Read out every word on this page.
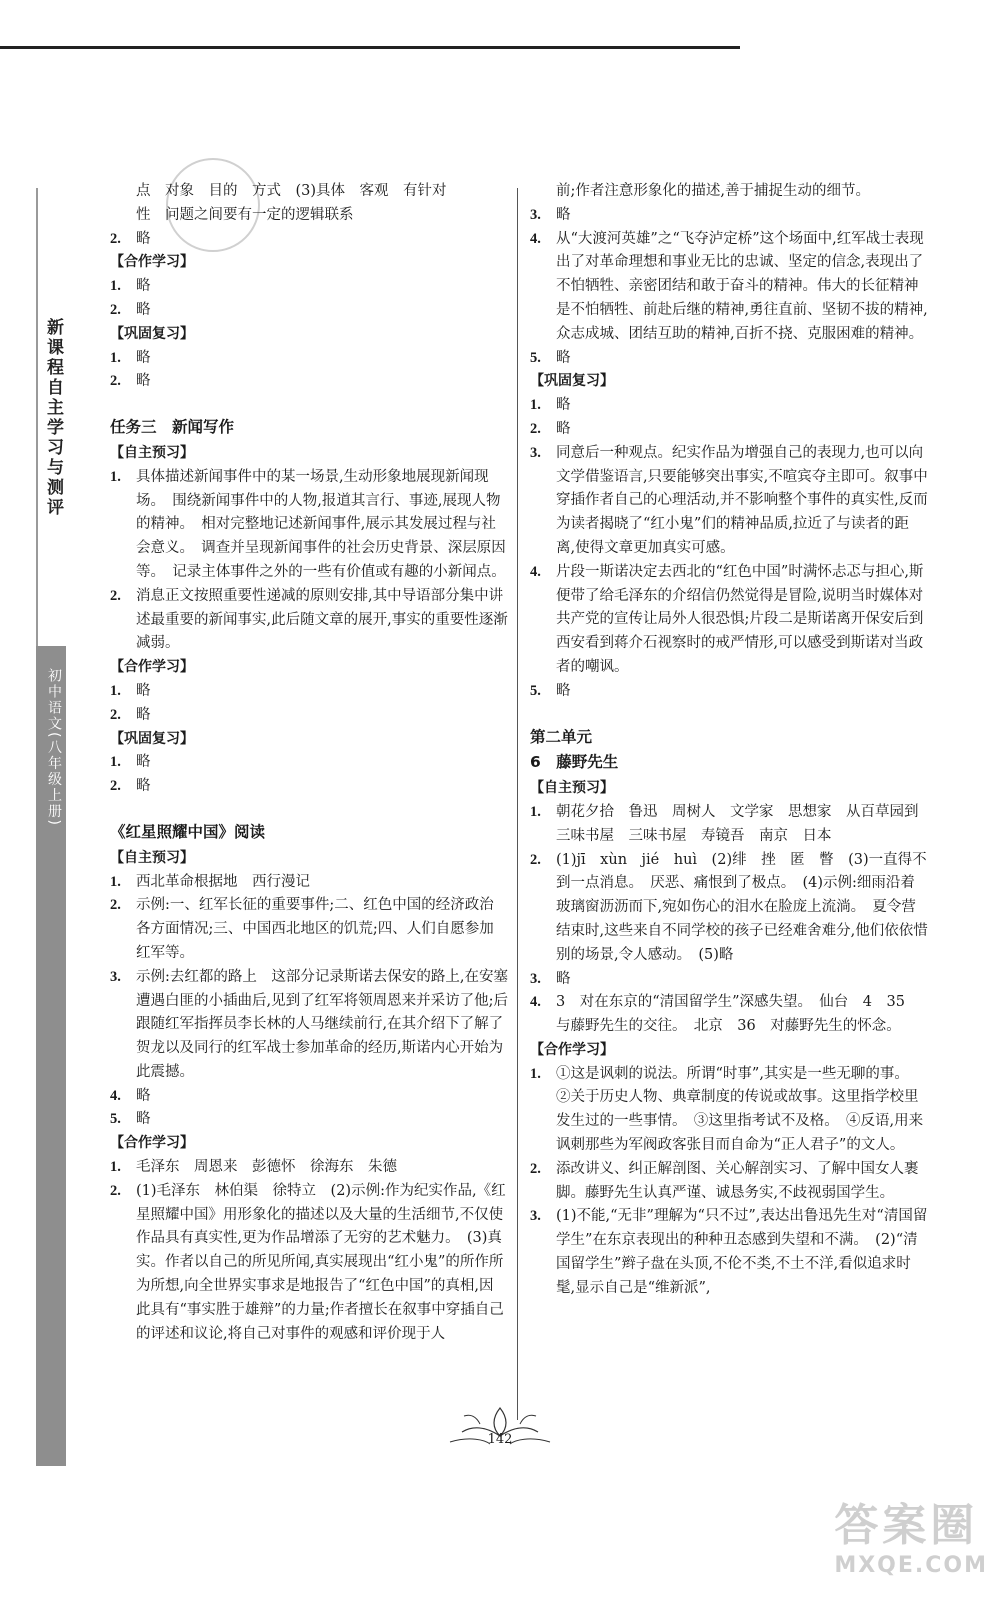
新课程自主学习与测评
初中语文(八年级上册)
点　对象　目的　方式　(3)具体　客观　有针对
性　问题之间要有一定的逻辑联系
2.	略
【合作学习】
1.	略
2.	略
【巩固复习】
1.	略
2.	略
任务三　新闻写作
【自主预习】
1.	具体描述新闻事件中的某一场景,生动形象地展现新闻现场。　围绕新闻事件中的人物,报道其言行、事迹,展现人物的精神。　相对完整地记述新闻事件,展示其发展过程与社会意义。　调查并呈现新闻事件的社会历史背景、深层原因等。　记录主体事件之外的一些有价值或有趣的小新闻点。
2.	消息正文按照重要性递减的原则安排,其中导语部分集中讲述最重要的新闻事实,此后随文章的展开,事实的重要性逐渐减弱。
【合作学习】
1.	略
2.	略
【巩固复习】
1.	略
2.	略
《红星照耀中国》阅读
【自主预习】
1.	西北革命根据地　西行漫记
2.	示例:一、红军长征的重要事件;二、红色中国的经济政治各方面情况;三、中国西北地区的饥荒;四、人们自愿参加红军等。
3.	示例:去红都的路上　这部分记录斯诺去保安的路上,在安塞遭遇白匪的小插曲后,见到了红军将领周恩来并采访了他;后跟随红军指挥员李长林的人马继续前行,在其介绍下了解了贺龙以及同行的红军战士参加革命的经历,斯诺内心开始为此震撼。
4.	略
5.	略
【合作学习】
1.	毛泽东　周恩来　彭德怀　徐海东　朱德
2.	(1)毛泽东　林伯渠　徐特立　(2)示例:作为纪实作品,《红星照耀中国》用形象化的描述以及大量的生活细节,不仅使作品具有真实性,更为作品增添了无穷的艺术魅力。　(3)真实。作者以自己的所见所闻,真实展现出“红小鬼”的所作所为所想,向全世界实事求是地报告了“红色中国”的真相,因此具有“事实胜于雄辩”的力量;作者擅长在叙事中穿插自己的评述和议论,将自己对事件的观感和评价现于人
前;作者注意形象化的描述,善于捕捉生动的细节。
3.	略
4.	从“大渡河英雄”之“飞夺泸定桥”这个场面中,红军战士表现出了对革命理想和事业无比的忠诚、坚定的信念,表现出了不怕牺牲、亲密团结和敢于奋斗的精神。伟大的长征精神是不怕牺牲、前赴后继的精神,勇往直前、坚韧不拔的精神,众志成城、团结互助的精神,百折不挠、克服困难的精神。
5.	略
【巩固复习】
1.	略
2.	略
3.	同意后一种观点。纪实作品为增强自己的表现力,也可以向文学借鉴语言,只要能够突出事实,不喧宾夺主即可。叙事中穿插作者自己的心理活动,并不影响整个事件的真实性,反而为读者揭晓了“红小鬼”们的精神品质,拉近了与读者的距离,使得文章更加真实可感。
4.	片段一斯诺决定去西北的“红色中国”时满怀忐忑与担心,斯便带了给毛泽东的介绍信仍然觉得是冒险,说明当时媒体对共产党的宣传让局外人很恐惧;片段二是斯诺离开保安后到西安看到蒋介石视察时的戒严情形,可以感受到斯诺对当政者的嘲讽。
5.	略
第二单元
6　藤野先生
【自主预习】
1.	朝花夕拾　鲁迅　周树人　文学家　思想家　从百草园到三味书屋　三味书屋　寿镜吾　南京　日本
2.	(1)jī　xùn　jié　huì　(2)绯　挫　匿　瞥　(3)一直得不到一点消息。　厌恶、痛恨到了极点。　(4)示例:细雨沿着玻璃窗沥沥而下,宛如伤心的泪水在脸庞上流淌。　夏令营结束时,这些来自不同学校的孩子已经难舍难分,他们依依惜别的场景,令人感动。　(5)略
3.	略
4.	3　对在东京的“清国留学生”深感失望。　仙台　4　35　与藤野先生的交往。　北京　36　对藤野先生的怀念。
【合作学习】
1.	①这是讽刺的说法。所谓“时事”,其实是一些无聊的事。　②关于历史人物、典章制度的传说或故事。这里指学校里发生过的一些事情。　③这里指考试不及格。　④反语,用来讽刺那些为军阀政客张目而自命为“正人君子”的文人。
2.	添改讲义、纠正解剖图、关心解剖实习、了解中国女人裹脚。藤野先生认真严谨、诚恳务实,不歧视弱国学生。
3.	(1)不能,“无非”理解为“只不过”,表达出鲁迅先生对“清国留学生”在东京表现出的种种丑态感到失望和不满。　(2)“清国留学生”辫子盘在头顶,不伦不类,不土不洋,看似追求时髦,显示自己是“维新派”,
142
答案圈
MXQE.COM
